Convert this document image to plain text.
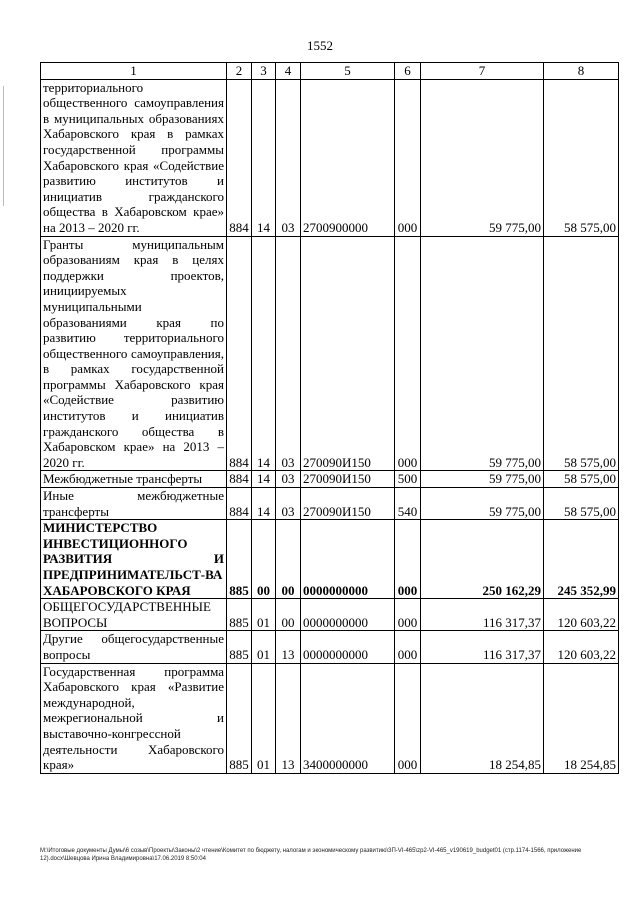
1552
1	2	3	4	5	6	7	8
территориального общественного самоуправления в муниципальных образованиях Хабаровского края в рамках государственной программы Хабаровского края «Содействие развитию институтов и инициатив гражданского общества в Хабаровском крае» на 2013 – 2020 гг.	884	14	03	2700900000	000	59 775,00	58 575,00
Гранты муниципальным образованиям края в целях поддержки проектов, инициируемых муниципальными образованиями края по развитию территориального общественного самоуправления, в рамках государственной программы Хабаровского края «Содействие развитию институтов и инициатив гражданского общества в Хабаровском крае» на 2013 – 2020 гг.	884	14	03	270090И150	000	59 775,00	58 575,00
Межбюджетные трансферты	884	14	03	270090И150	500	59 775,00	58 575,00
Иные межбюджетные трансферты	884	14	03	270090И150	540	59 775,00	58 575,00
МИНИСТЕРСТВО ИНВЕСТИЦИОННОГО РАЗВИТИЯ И ПРЕДПРИНИМАТЕЛЬСТ-ВА ХАБАРОВСКОГО КРАЯ	885	00	00	0000000000	000	250 162,29	245 352,99
ОБЩЕГОСУДАРСТВЕННЫЕ ВОПРОСЫ	885	01	00	0000000000	000	116 317,37	120 603,22
Другие общегосударственные вопросы	885	01	13	0000000000	000	116 317,37	120 603,22
Государственная программа Хабаровского края «Развитие международной, межрегиональной и выставочно-конгрессной деятельности Хабаровского края»	885	01	13	3400000000	000	18 254,85	18 254,85
M:\Итоговые документы Думы\6 созыв\Проекты\Законы\2 чтение\Комитет по бюджету, налогам и экономическому развитию\3П-VI-465\zp2-VI-465_v190619_budget01 (стр.1174-1566, приложение 12).docx\Шевцова Ирина Владимировна\17.06.2019 8:50:04
